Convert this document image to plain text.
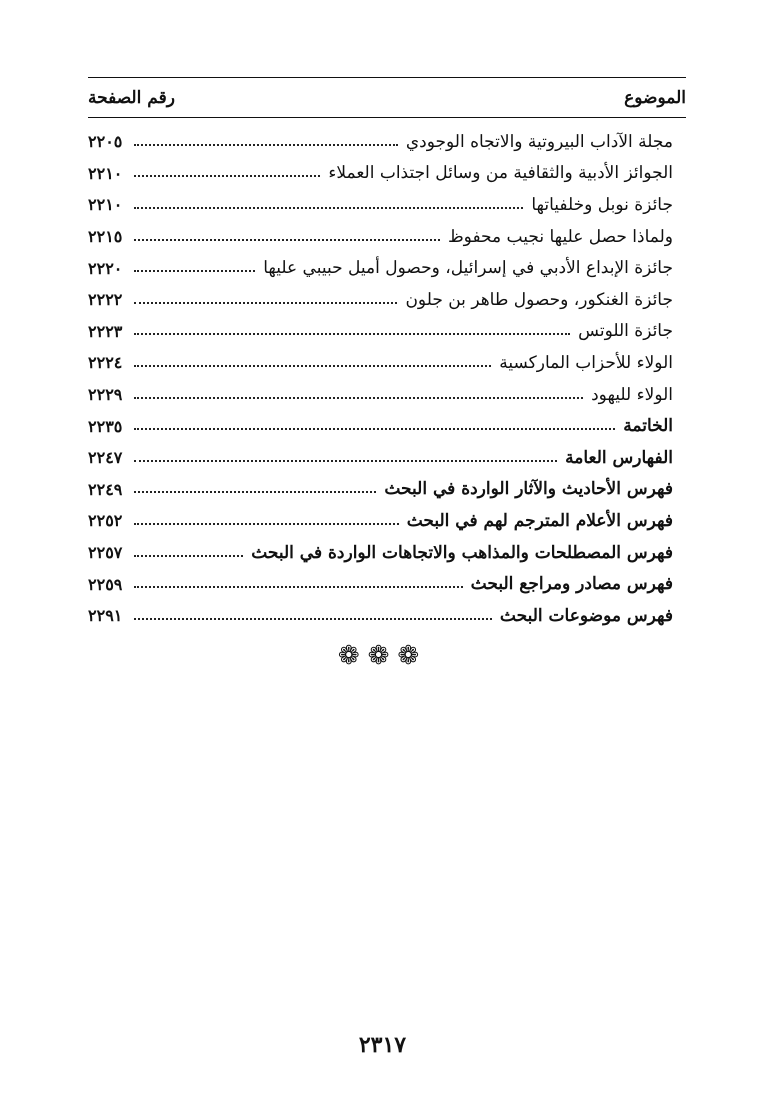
الموضوع
رقم الصفحة
مجلة الآداب البيروتية والاتجاه الوجودي
٢٢٠٥
الجوائز الأدبية والثقافية من وسائل اجتذاب العملاء
٢٢١٠
جائزة نوبل وخلفياتها
٢٢١٠
ولماذا حصل عليها نجيب محفوظ
٢٢١٥
جائزة الإبداع الأدبي في إسرائيل، وحصول أميل حبيبي عليها
٢٢٢٠
جائزة الغنكور، وحصول طاهر بن جلون
٢٢٢٢
جائزة اللوتس
٢٢٢٣
الولاء للأحزاب الماركسية
٢٢٢٤
الولاء لليهود
٢٢٢٩
الخاتمة
٢٢٣٥
الفهارس العامة
٢٢٤٧
فهرس الأحاديث والآثار الواردة في البحث
٢٢٤٩
فهرس الأعلام المترجم لهم في البحث
٢٢٥٢
فهرس المصطلحات والمذاهب والاتجاهات الواردة في البحث
٢٢٥٧
فهرس مصادر ومراجع البحث
٢٢٥٩
فهرس موضوعات البحث
٢٢٩١
❁❁❁
٢٣١٧
